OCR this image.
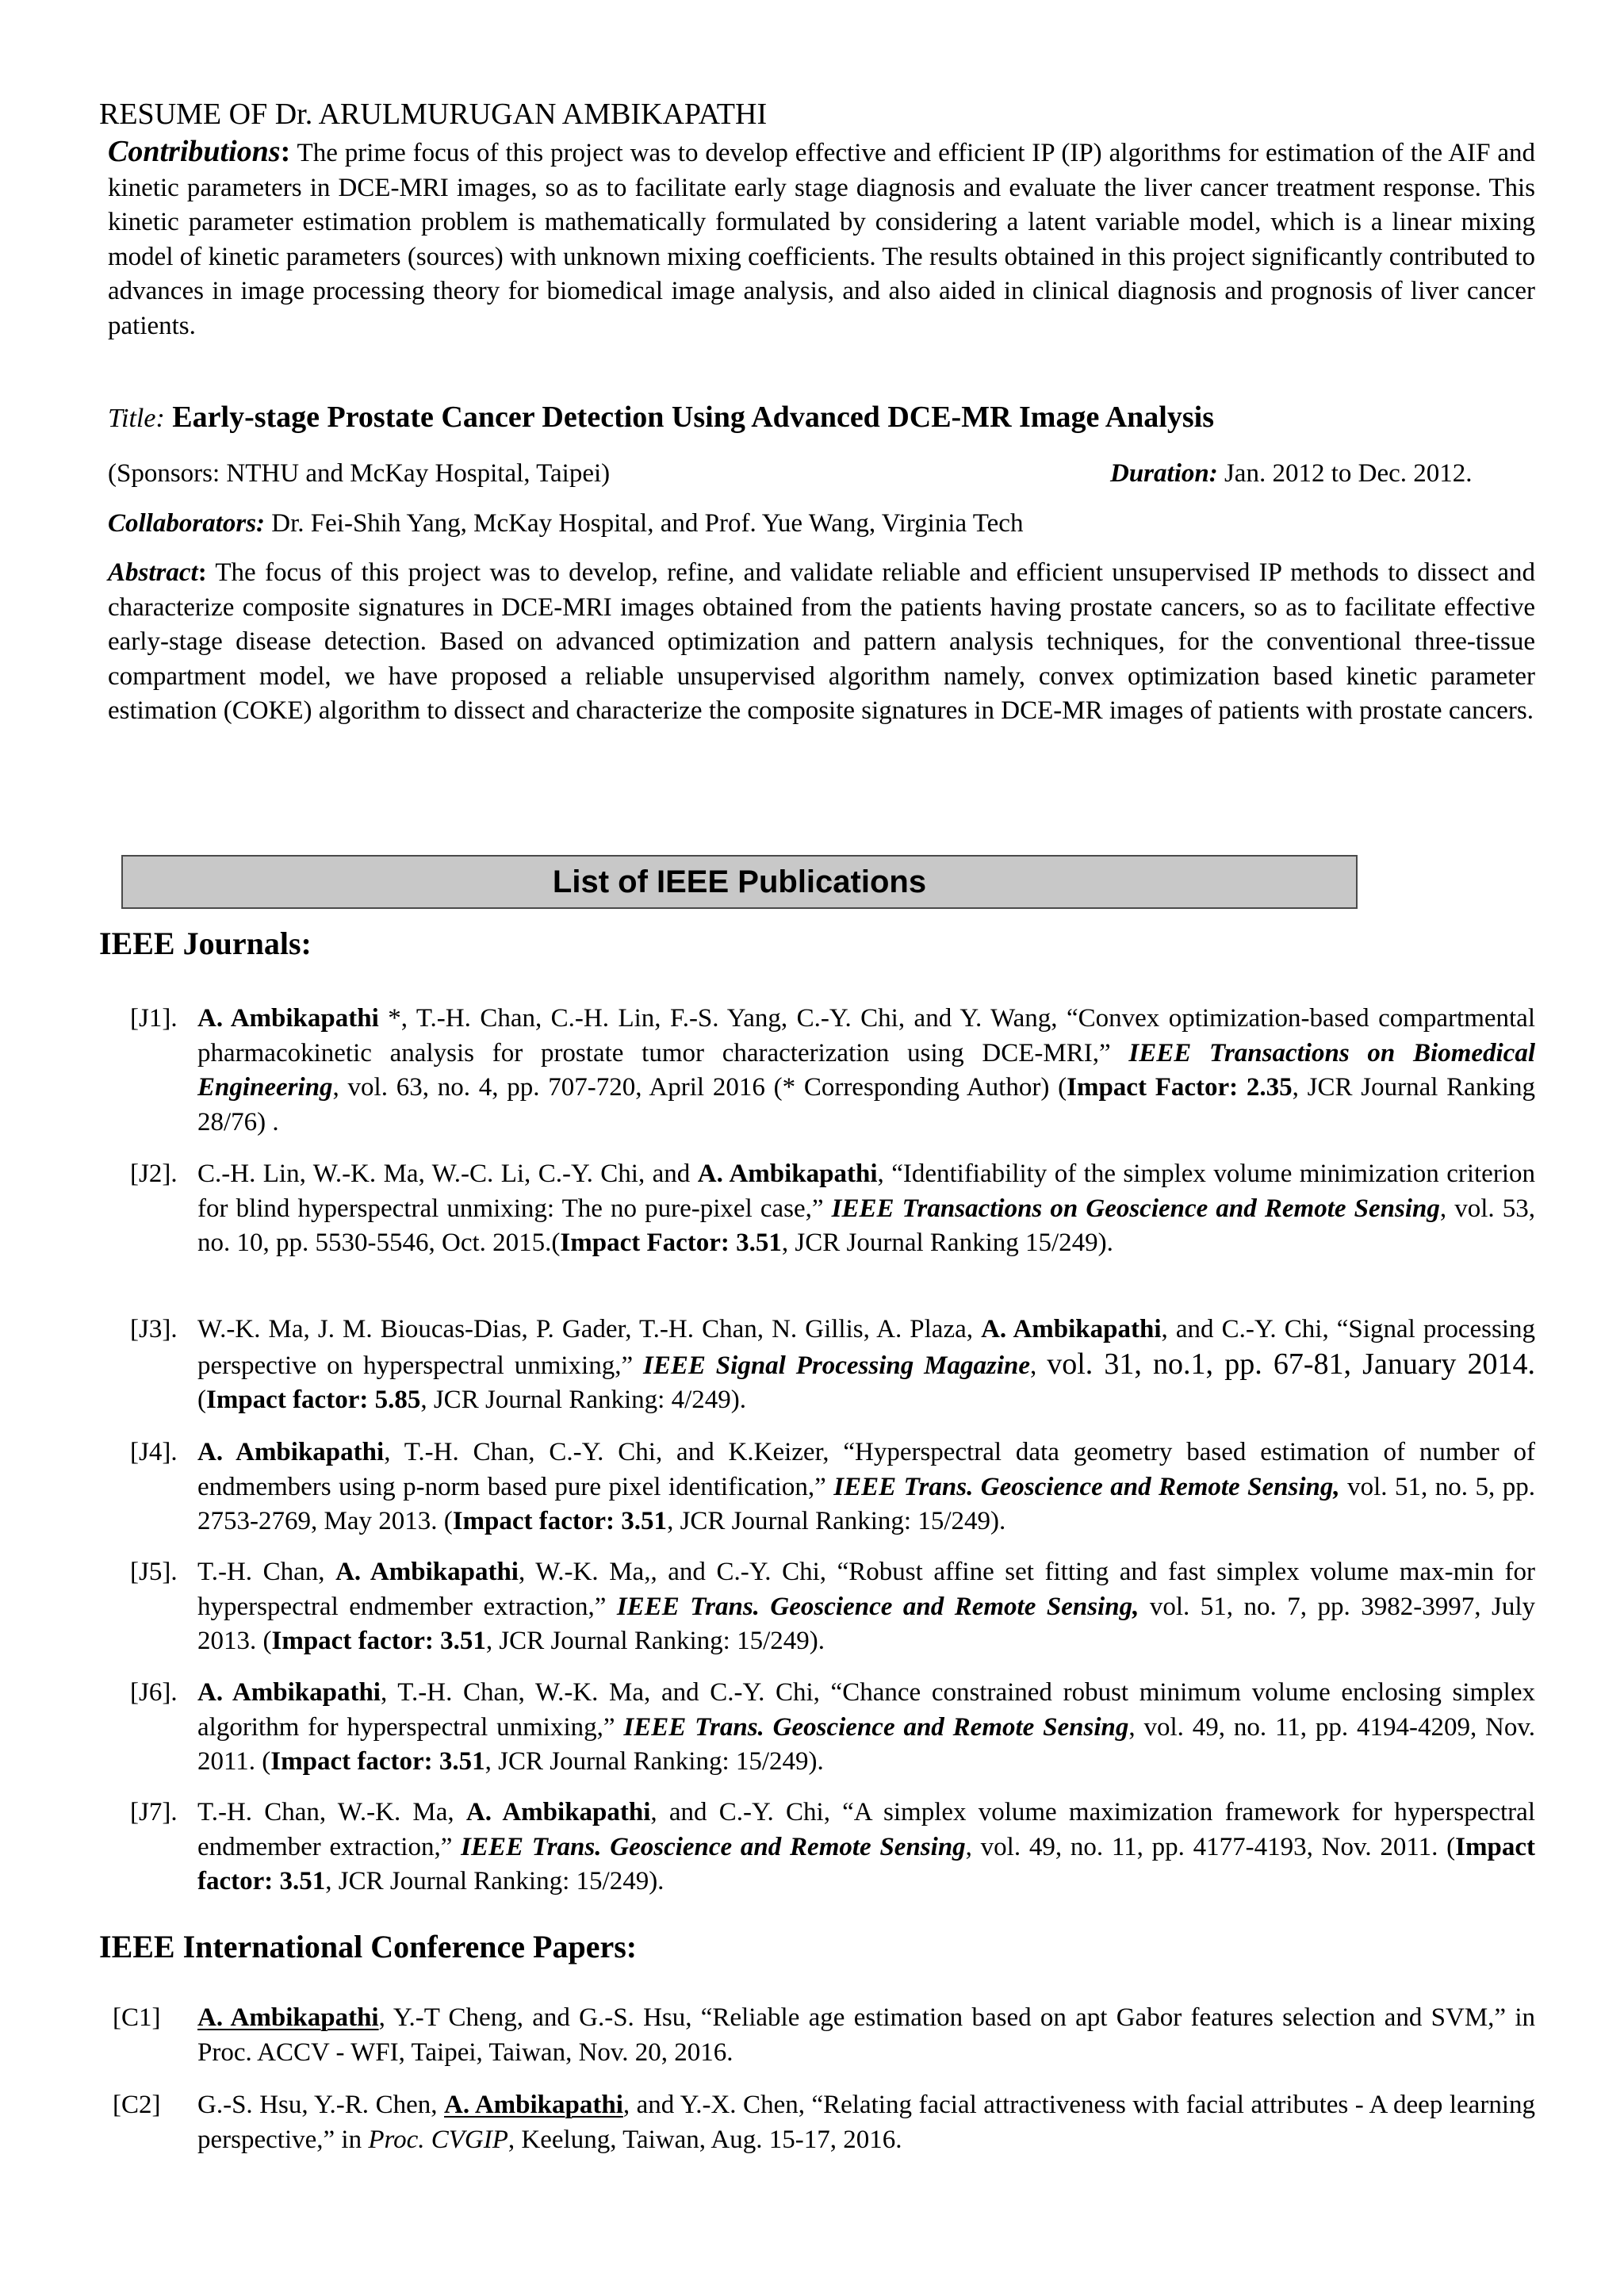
RESUME OF Dr. ARULMURUGAN AMBIKAPATHI
Contributions: The prime focus of this project was to develop effective and efficient IP (IP) algorithms for estimation of the AIF and kinetic parameters in DCE-MRI images, so as to facilitate early stage diagnosis and evaluate the liver cancer treatment response. This kinetic parameter estimation problem is mathematically formulated by considering a latent variable model, which is a linear mixing model of kinetic parameters (sources) with unknown mixing coefficients. The results obtained in this project significantly contributed to advances in image processing theory for biomedical image analysis, and also aided in clinical diagnosis and prognosis of liver cancer patients.
Title: Early-stage Prostate Cancer Detection Using Advanced DCE-MR Image Analysis
(Sponsors: NTHU and McKay Hospital, Taipei)	Duration: Jan. 2012 to Dec. 2012.
Collaborators: Dr. Fei-Shih Yang, McKay Hospital, and Prof. Yue Wang, Virginia Tech
Abstract: The focus of this project was to develop, refine, and validate reliable and efficient unsupervised IP methods to dissect and characterize composite signatures in DCE-MRI images obtained from the patients having prostate cancers, so as to facilitate effective early-stage disease detection. Based on advanced optimization and pattern analysis techniques, for the conventional three-tissue compartment model, we have proposed a reliable unsupervised algorithm namely, convex optimization based kinetic parameter estimation (COKE) algorithm to dissect and characterize the composite signatures in DCE-MR images of patients with prostate cancers.
List of IEEE Publications
IEEE Journals:
[J1]. A. Ambikapathi *, T.-H. Chan, C.-H. Lin, F.-S. Yang, C.-Y. Chi, and Y. Wang, “Convex optimization-based compartmental pharmacokinetic analysis for prostate tumor characterization using DCE-MRI,” IEEE Transactions on Biomedical Engineering, vol. 63, no. 4, pp. 707-720, April 2016 (* Corresponding Author) (Impact Factor: 2.35, JCR Journal Ranking 28/76) .
[J2]. C.-H. Lin, W.-K. Ma, W.-C. Li, C.-Y. Chi, and A. Ambikapathi, “Identifiability of the simplex volume minimization criterion for blind hyperspectral unmixing: The no pure-pixel case,” IEEE Transactions on Geoscience and Remote Sensing, vol. 53, no. 10, pp. 5530-5546, Oct. 2015.(Impact Factor: 3.51, JCR Journal Ranking 15/249).
[J3]. W.-K. Ma, J. M. Bioucas-Dias, P. Gader, T.-H. Chan, N. Gillis, A. Plaza, A. Ambikapathi, and C.-Y. Chi, “Signal processing perspective on hyperspectral unmixing,” IEEE Signal Processing Magazine, vol. 31, no.1, pp. 67-81, January 2014. (Impact factor: 5.85, JCR Journal Ranking: 4/249).
[J4]. A. Ambikapathi, T.-H. Chan, C.-Y. Chi, and K.Keizer, “Hyperspectral data geometry based estimation of number of endmembers using p-norm based pure pixel identification,” IEEE Trans. Geoscience and Remote Sensing, vol. 51, no. 5, pp. 2753-2769, May 2013. (Impact factor: 3.51, JCR Journal Ranking: 15/249).
[J5]. T.-H. Chan, A. Ambikapathi, W.-K. Ma,, and C.-Y. Chi, “Robust affine set fitting and fast simplex volume max-min for hyperspectral endmember extraction,” IEEE Trans. Geoscience and Remote Sensing, vol. 51, no. 7, pp. 3982-3997, July 2013. (Impact factor: 3.51, JCR Journal Ranking: 15/249).
[J6]. A. Ambikapathi, T.-H. Chan, W.-K. Ma, and C.-Y. Chi, “Chance constrained robust minimum volume enclosing simplex algorithm for hyperspectral unmixing,” IEEE Trans. Geoscience and Remote Sensing, vol. 49, no. 11, pp. 4194-4209, Nov. 2011. (Impact factor: 3.51, JCR Journal Ranking: 15/249).
[J7]. T.-H. Chan, W.-K. Ma, A. Ambikapathi, and C.-Y. Chi, “A simplex volume maximization framework for hyperspectral endmember extraction,” IEEE Trans. Geoscience and Remote Sensing, vol. 49, no. 11, pp. 4177-4193, Nov. 2011. (Impact factor: 3.51, JCR Journal Ranking: 15/249).
IEEE International Conference Papers:
[C1]	A. Ambikapathi, Y.-T Cheng, and G.-S. Hsu, “Reliable age estimation based on apt Gabor features selection and SVM,” in Proc. ACCV - WFI, Taipei, Taiwan, Nov. 20, 2016.
[C2]	G.-S. Hsu, Y.-R. Chen, A. Ambikapathi, and Y.-X. Chen, “Relating facial attractiveness with facial attributes - A deep learning perspective,” in Proc. CVGIP, Keelung, Taiwan, Aug. 15-17, 2016.
